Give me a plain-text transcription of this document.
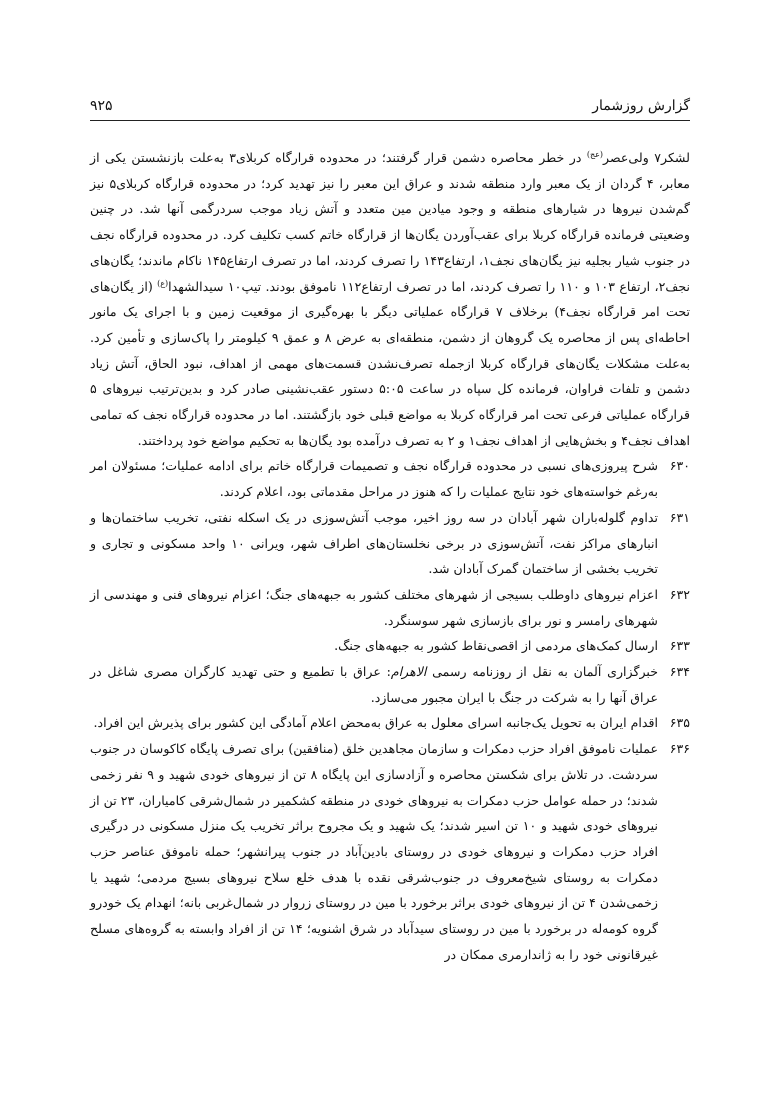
گزارش روزشمار
۹۲۵

لشکر۷ ولی‌عصر$^{(عج)}$ در خطر محاصره دشمن قرار گرفتند؛ در محدوده قرارگاه کربلای۳ به‌علت بازنشستن یکی از معابر، ۴ گردان از یک معبر وارد منطقه شدند و عراق این معبر را نیز تهدید کرد؛ در محدوده قرارگاه کربلای۵ نیز گم‌شدن نیروها در شیارهای منطقه و وجود میادین مین متعدد و آتش زیاد موجب سردرگمی آنها شد. در چنین وضعیتی فرمانده قرارگاه کربلا برای عقب‌آوردن یگان‌ها از قرارگاه خاتم کسب تکلیف کرد. در محدوده قرارگاه نجف در جنوب شیار بجلیه نیز یگان‌های نجف۱، ارتفاع۱۴۳ را تصرف کردند، اما در تصرف ارتفاع۱۴۵ ناکام ماندند؛ یگان‌های نجف۲، ارتفاع ۱۰۳ و ۱۱۰ را تصرف کردند، اما در تصرف ارتفاع۱۱۲ ناموفق بودند. تیپ۱۰ سیدالشهدا$^{(ع)}$ (از یگان‌های تحت امر قرارگاه نجف۴) برخلاف ۷ قرارگاه عملیاتی دیگر با بهره‌گیری از موقعیت زمین و با اجرای یک مانور احاطه‌ای پس از محاصره یک گروهان از دشمن، منطقه‌ای به عرض ۸ و عمق ۹ کیلومتر را پاک‌سازی و تأمین کرد. به‌علت مشکلات یگان‌های قرارگاه کربلا ازجمله تصرف‌نشدن قسمت‌های مهمی از اهداف، نبود الحاق، آتش زیاد دشمن و تلفات فراوان، فرمانده کل سپاه در ساعت ۵:۰۵ دستور عقب‌نشینی صادر کرد و بدین‌ترتیب نیروهای ۵ قرارگاه عملیاتی فرعی تحت امر قرارگاه کربلا به مواضع قبلی خود بازگشتند. اما در محدوده قرارگاه نجف که تمامی اهداف نجف۴ و بخش‌هایی از اهداف نجف۱ و ۲ به تصرف درآمده بود یگان‌ها به تحکیم مواضع خود پرداختند.

۶۳۰
شرح پیروزی‌های نسبی در محدوده قرارگاه نجف و تصمیمات قرارگاه خاتم برای ادامه عملیات؛ مسئولان امر به‌رغم خواسته‌های خود نتایج عملیات را که هنوز در مراحل مقدماتی بود، اعلام کردند.
۶۳۱
تداوم گلوله‌باران شهر آبادان در سه روز اخیر، موجب آتش‌سوزی در یک اسکله نفتی، تخریب ساختمان‌ها و انبارهای مراکز نفت، آتش‌سوزی در برخی نخلستان‌های اطراف شهر، ویرانی ۱۰ واحد مسکونی و تجاری و تخریب بخشی از ساختمان گمرک آبادان شد.
۶۳۲
اعزام نیروهای داوطلب بسیجی از شهرهای مختلف کشور به جبهه‌های جنگ؛ اعزام نیروهای فنی و مهندسی از شهرهای رامسر و نور برای بازسازی شهر سوسنگرد.
۶۳۳
ارسال کمک‌های مردمی از اقصی‌نقاط کشور به جبهه‌های جنگ.
۶۳۴
خبرگزاری آلمان به نقل از روزنامه رسمی الاهرام: عراق با تطمیع و حتی تهدید کارگران مصری شاغل در عراق آنها را به شرکت در جنگ با ایران مجبور می‌سازد.
۶۳۵
اقدام ایران به تحویل یک‌جانبه اسرای معلول به عراق به‌محض اعلام آمادگی این کشور برای پذیرش این افراد.
۶۳۶
عملیات ناموفق افراد حزب دمکرات و سازمان مجاهدین خلق (منافقین) برای تصرف پایگاه کاکوسان در جنوب سردشت. در تلاش برای شکستن محاصره و آزادسازی این پایگاه ۸ تن از نیروهای خودی شهید و ۹ نفر زخمی شدند؛ در حمله عوامل حزب دمکرات به نیروهای خودی در منطقه کشکمیر در شمال‌شرقی کامیاران، ۲۳ تن از نیروهای خودی شهید و ۱۰ تن اسیر شدند؛ یک شهید و یک مجروح براثر تخریب یک منزل مسکونی در درگیری افراد حزب دمکرات و نیروهای خودی در روستای بادین‌آباد در جنوب پیرانشهر؛ حمله ناموفق عناصر حزب دمکرات به روستای شیخ‌معروف در جنوب‌شرقی نقده با هدف خلع سلاح نیروهای بسیج مردمی؛ شهید یا زخمی‌شدن ۴ تن از نیروهای خودی براثر برخورد با مین در روستای زروار در شمال‌غربی بانه؛ انهدام یک خودرو گروه کومه‌له در برخورد با مین در روستای سیدآباد در شرق اشنویه؛ ۱۴ تن از افراد وابسته به گروه‌های مسلح غیرقانونی خود را به ژاندارمری ممکان در
